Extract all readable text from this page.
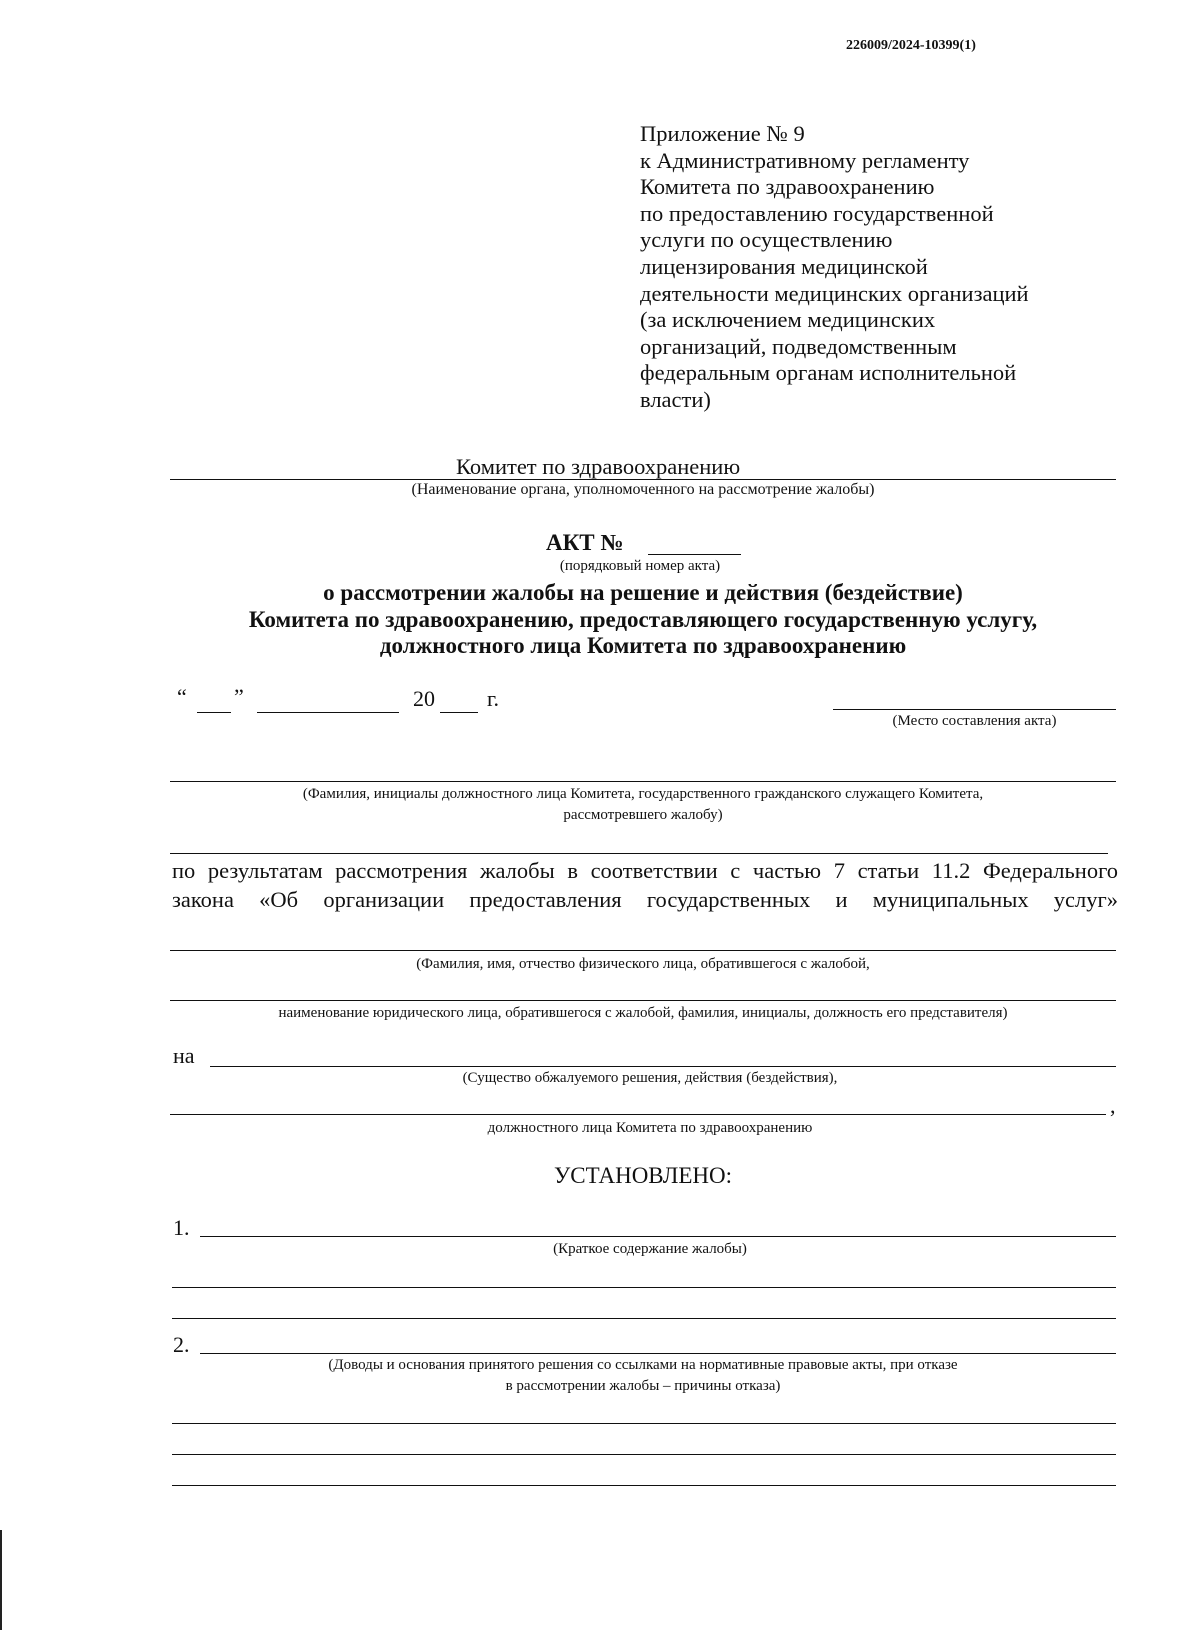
226009/2024-10399(1)
Приложение № 9
к Административному регламенту
Комитета по здравоохранению
по предоставлению государственной
услуги по осуществлению
лицензирования медицинской
деятельности медицинских организаций
(за исключением медицинских
организаций, подведомственным
федеральным органам исполнительной
власти)
Комитет по здравоохранению
(Наименование органа, уполномоченного на рассмотрение жалобы)
АКТ №
(порядковый номер акта)
о рассмотрении жалобы на решение и действия (бездействие)
Комитета по здравоохранению, предоставляющего государственную услугу,
должностного лица Комитета по здравоохранению
“ ”	20 г.
(Место составления акта)
(Фамилия, инициалы должностного лица Комитета, государственного гражданского служащего Комитета,
рассмотревшего жалобу)
по результатам рассмотрения жалобы в соответствии с частью 7 статьи 11.2 Федерального
закона «Об организации предоставления государственных и муниципальных услуг»
(Фамилия, имя, отчество физического лица, обратившегося с жалобой,
наименование юридического лица, обратившегося с жалобой, фамилия, инициалы, должность его представителя)
на
(Существо обжалуемого решения, действия (бездействия),
,
должностного лица Комитета по здравоохранению
УСТАНОВЛЕНО:
1.
(Краткое содержание жалобы)
2.
(Доводы и основания принятого решения со ссылками на нормативные правовые акты, при отказе
в рассмотрении жалобы – причины отказа)
